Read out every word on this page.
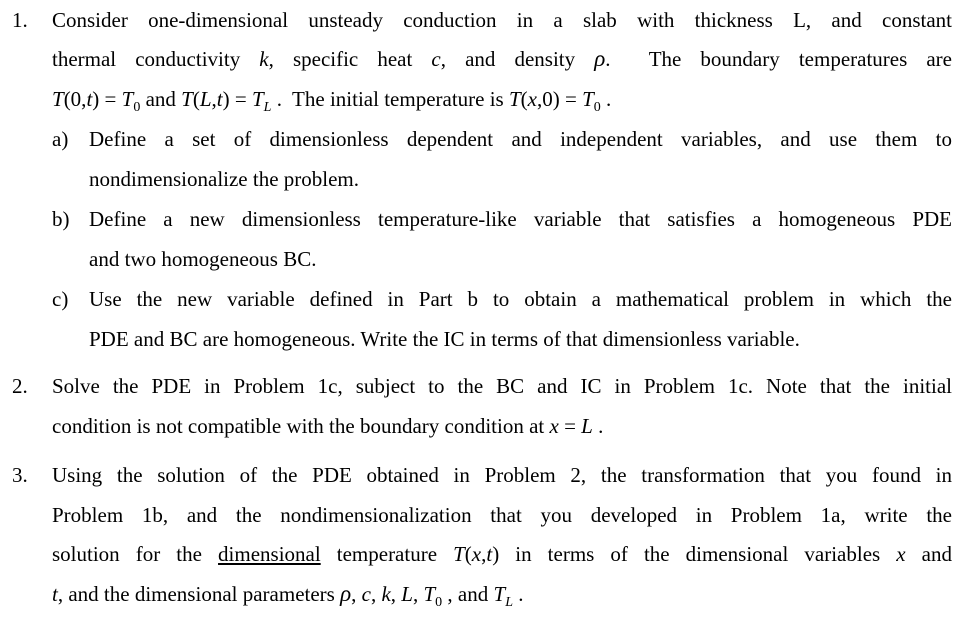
1. Consider one-dimensional unsteady conduction in a slab with thickness L, and constant
thermal conductivity k, specific heat c, and density ρ.  The boundary temperatures are
$T(0,t) = T_0$ and $T(L,t) = T_L$ .  The initial temperature is $T(x,0) = T_0$ .
a) Define a set of dimensionless dependent and independent variables, and use them to
nondimensionalize the problem.
b) Define a new dimensionless temperature-like variable that satisfies a homogeneous PDE
and two homogeneous BC.
c) Use the new variable defined in Part b to obtain a mathematical problem in which the
PDE and BC are homogeneous. Write the IC in terms of that dimensionless variable.
2. Solve the PDE in Problem 1c, subject to the BC and IC in Problem 1c. Note that the initial
condition is not compatible with the boundary condition at x = L .
3. Using the solution of the PDE obtained in Problem 2, the transformation that you found in
Problem 1b, and the nondimensionalization that you developed in Problem 1a, write the
solution for the dimensional temperature T(x,t) in terms of the dimensional variables x and
t, and the dimensional parameters ρ, c, k, L, $T_0$ , and $T_L$ .
